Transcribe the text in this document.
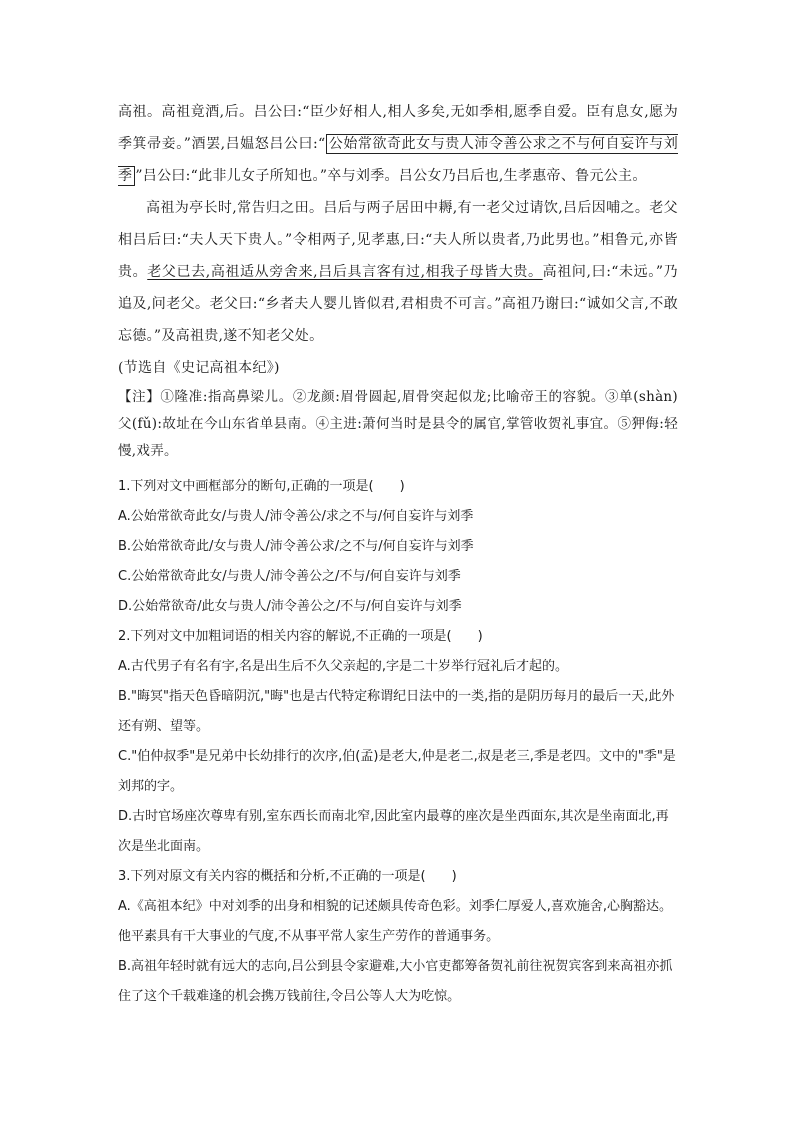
高祖。高祖竟酒,后。吕公曰:“臣少好相人,相人多矣,无如季相,愿季自爱。臣有息女,愿为季箕帚妾。”酒罢,吕媪怒吕公曰:“ 公始常欲奇此女与贵人沛令善公求之不与何自妄许与刘季 ”吕公曰:“此非儿女子所知也。”卒与刘季。吕公女乃吕后也,生孝惠帝、鲁元公主。

高祖为亭长时,常告归之田。吕后与两子居田中耨,有一老父过请饮,吕后因哺之。老父相吕后曰:“夫人天下贵人。”令相两子,见孝惠,曰:“夫人所以贵者,乃此男也。”相鲁元,亦皆贵。老父已去,高祖适从旁舍来,吕后具言客有过,相我子母皆大贵。高祖问,曰:“未远。”乃追及,问老父。老父曰:“乡者夫人婴儿皆似君,君相贵不可言。”高祖乃谢曰:“诚如父言,不敢忘德。”及高祖贵,遂不知老父处。

(节选自《史记高祖本纪》)

【注】①隆准:指高鼻梁儿。②龙颜:眉骨圆起,眉骨突起似龙;比喻帝王的容貌。③单(shàn)父(fǔ):故址在今山东省单县南。④主进:萧何当时是县令的属官,掌管收贺礼事宜。⑤狎侮:轻慢,戏弄。

1.下列对文中画框部分的断句,正确的一项是(　　)

A.公始常欲奇此女/与贵人/沛令善公/求之不与/何自妄许与刘季

B.公始常欲奇此/女与贵人/沛令善公求/之不与/何自妄许与刘季

C.公始常欲奇此女/与贵人/沛令善公之/不与/何自妄许与刘季

D.公始常欲奇/此女与贵人/沛令善公之/不与/何自妄许与刘季

2.下列对文中加粗词语的相关内容的解说,不正确的一项是(　　)

A.古代男子有名有字,名是出生后不久父亲起的,字是二十岁举行冠礼后才起的。

B."晦冥"指天色昏暗阴沉,"晦"也是古代特定称谓纪日法中的一类,指的是阴历每月的最后一天,此外还有朔、望等。

C."伯仲叔季"是兄弟中长幼排行的次序,伯(孟)是老大,仲是老二,叔是老三,季是老四。文中的"季"是刘邦的字。

D.古时官场座次尊卑有别,室东西长而南北窄,因此室内最尊的座次是坐西面东,其次是坐南面北,再次是坐北面南。

3.下列对原文有关内容的概括和分析,不正确的一项是(　　)

A.《高祖本纪》中对刘季的出身和相貌的记述颇具传奇色彩。刘季仁厚爱人,喜欢施舍,心胸豁达。他平素具有干大事业的气度,不从事平常人家生产劳作的普通事务。

B.高祖年轻时就有远大的志向,吕公到县令家避难,大小官吏都筹备贺礼前往祝贺宾客到来高祖亦抓住了这个千载难逢的机会携万钱前往,令吕公等人大为吃惊。
